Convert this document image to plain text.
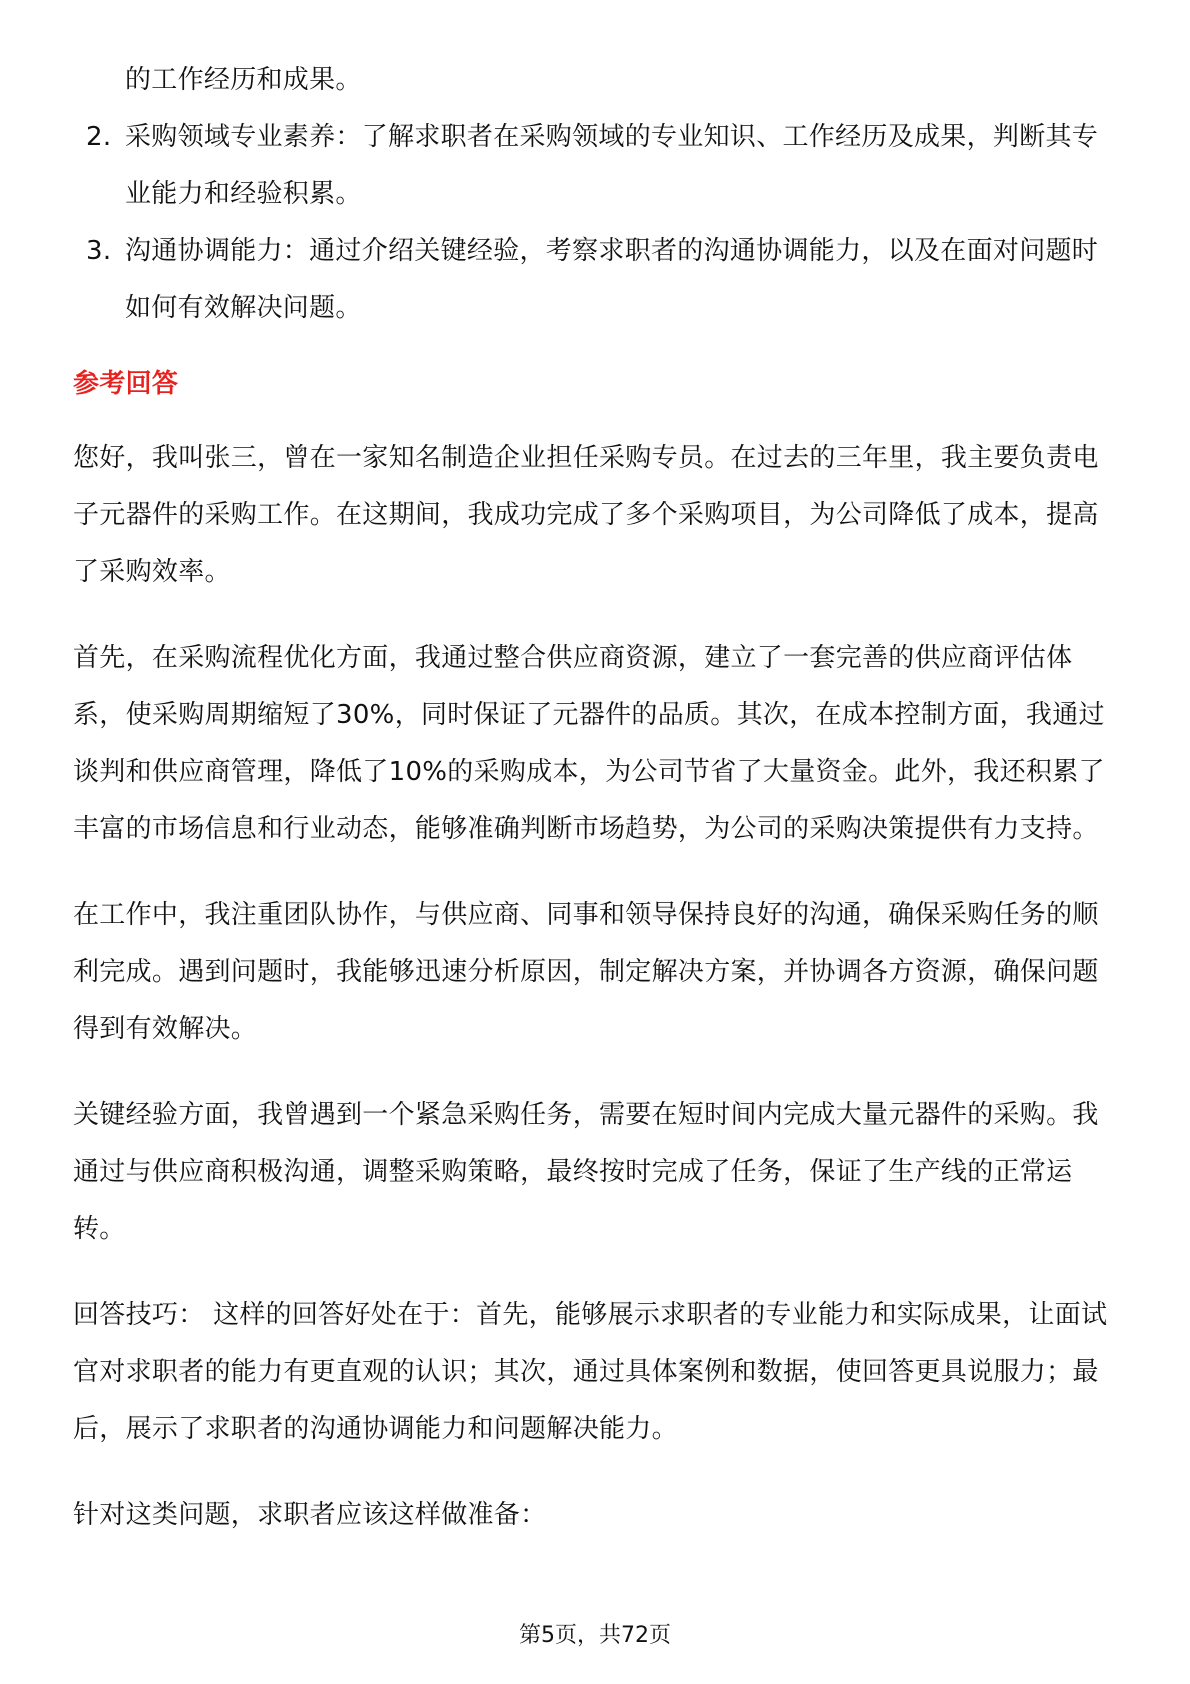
的工作经历和成果。

2. 采购领域专业素养：了解求职者在采购领域的专业知识、工作经历及成果，判断其专业能力和经验积累。
3. 沟通协调能力：通过介绍关键经验，考察求职者的沟通协调能力，以及在面对问题时如何有效解决问题。
参考回答

您好，我叫张三，曾在一家知名制造企业担任采购专员。在过去的三年里，我主要负责电子元器件的采购工作。在这期间，我成功完成了多个采购项目，为公司降低了成本，提高了采购效率。

首先，在采购流程优化方面，我通过整合供应商资源，建立了一套完善的供应商评估体系，使采购周期缩短了30%，同时保证了元器件的品质。其次，在成本控制方面，我通过谈判和供应商管理，降低了10%的采购成本，为公司节省了大量资金。此外，我还积累了丰富的市场信息和行业动态，能够准确判断市场趋势，为公司的采购决策提供有力支持。

在工作中，我注重团队协作，与供应商、同事和领导保持良好的沟通，确保采购任务的顺利完成。遇到问题时，我能够迅速分析原因，制定解决方案，并协调各方资源，确保问题得到有效解决。

关键经验方面，我曾遇到一个紧急采购任务，需要在短时间内完成大量元器件的采购。我通过与供应商积极沟通，调整采购策略，最终按时完成了任务，保证了生产线的正常运转。

回答技巧： 这样的回答好处在于：首先，能够展示求职者的专业能力和实际成果，让面试官对求职者的能力有更直观的认识；其次，通过具体案例和数据，使回答更具说服力；最后，展示了求职者的沟通协调能力和问题解决能力。

针对这类问题，求职者应该这样做准备：

第5页，共72页
